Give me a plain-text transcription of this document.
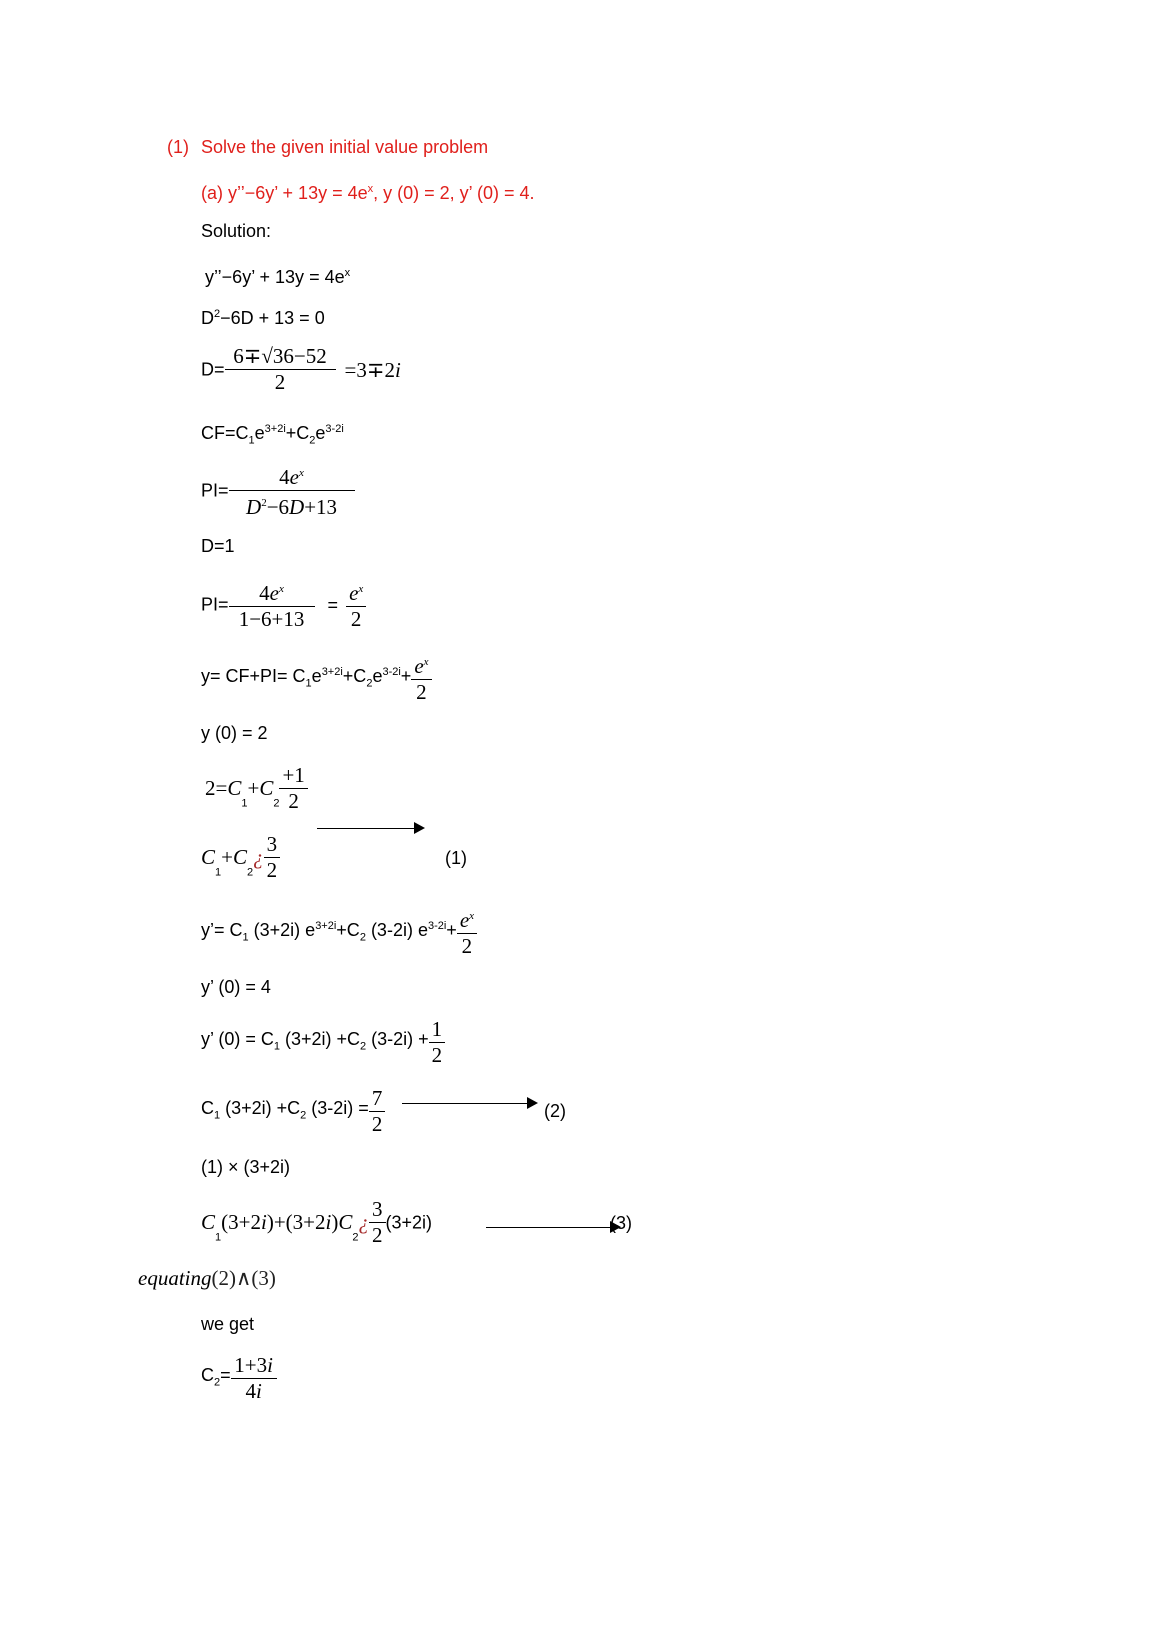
(1) Solve the given initial value problem
(a) y’’−6y’ + $13y = 4e^x$, y (0) = 2, y’ (0) = 4.
Solution:
y’’−6y’ + $13y = 4e^x$
$D^2-6D + 13 = 0$
$D= \frac{6\mp√36-52}{2} =3\mp 2i$
$CF=C_1e^{3+2i}+C_2e^{3-2i}$
$PI= \frac{4e^x}{D^2-6D+13}$
D=1
$PI= \frac{4e^x}{1-6+13} = \frac{e^x}{2}$
$y= CF+PI= C_1e^{3+2i}+C_2e^{3-2i}+ \frac{e^x}{2}$
y (0) = 2
$2=C_1+C_2 \frac{+1}{2}$
$C_1+C_2¿ \frac{3}{2}$	(1)
y’= $C_1$ (3+2i) $e^{3+2i}+C_2$ (3-2i) $e^{3-2i}+ \frac{e^x}{2}$
y’ (0) = 4
y’ $(0) = C_1$ $(3+2i) +C_2$ $(3-2i) + \frac{1}{2}$
$C_1$ $(3+2i) +C_2$ $(3-2i) = \frac{7}{2}$	(2)
(1) × (3+2i)
$C_1(3+2i)+(3+2i)C_2¿ \frac{3}{2} (3+2i)$	(3)
equating(2)∧(3)
we get
$C_2= \frac{1+3i}{4i}$
